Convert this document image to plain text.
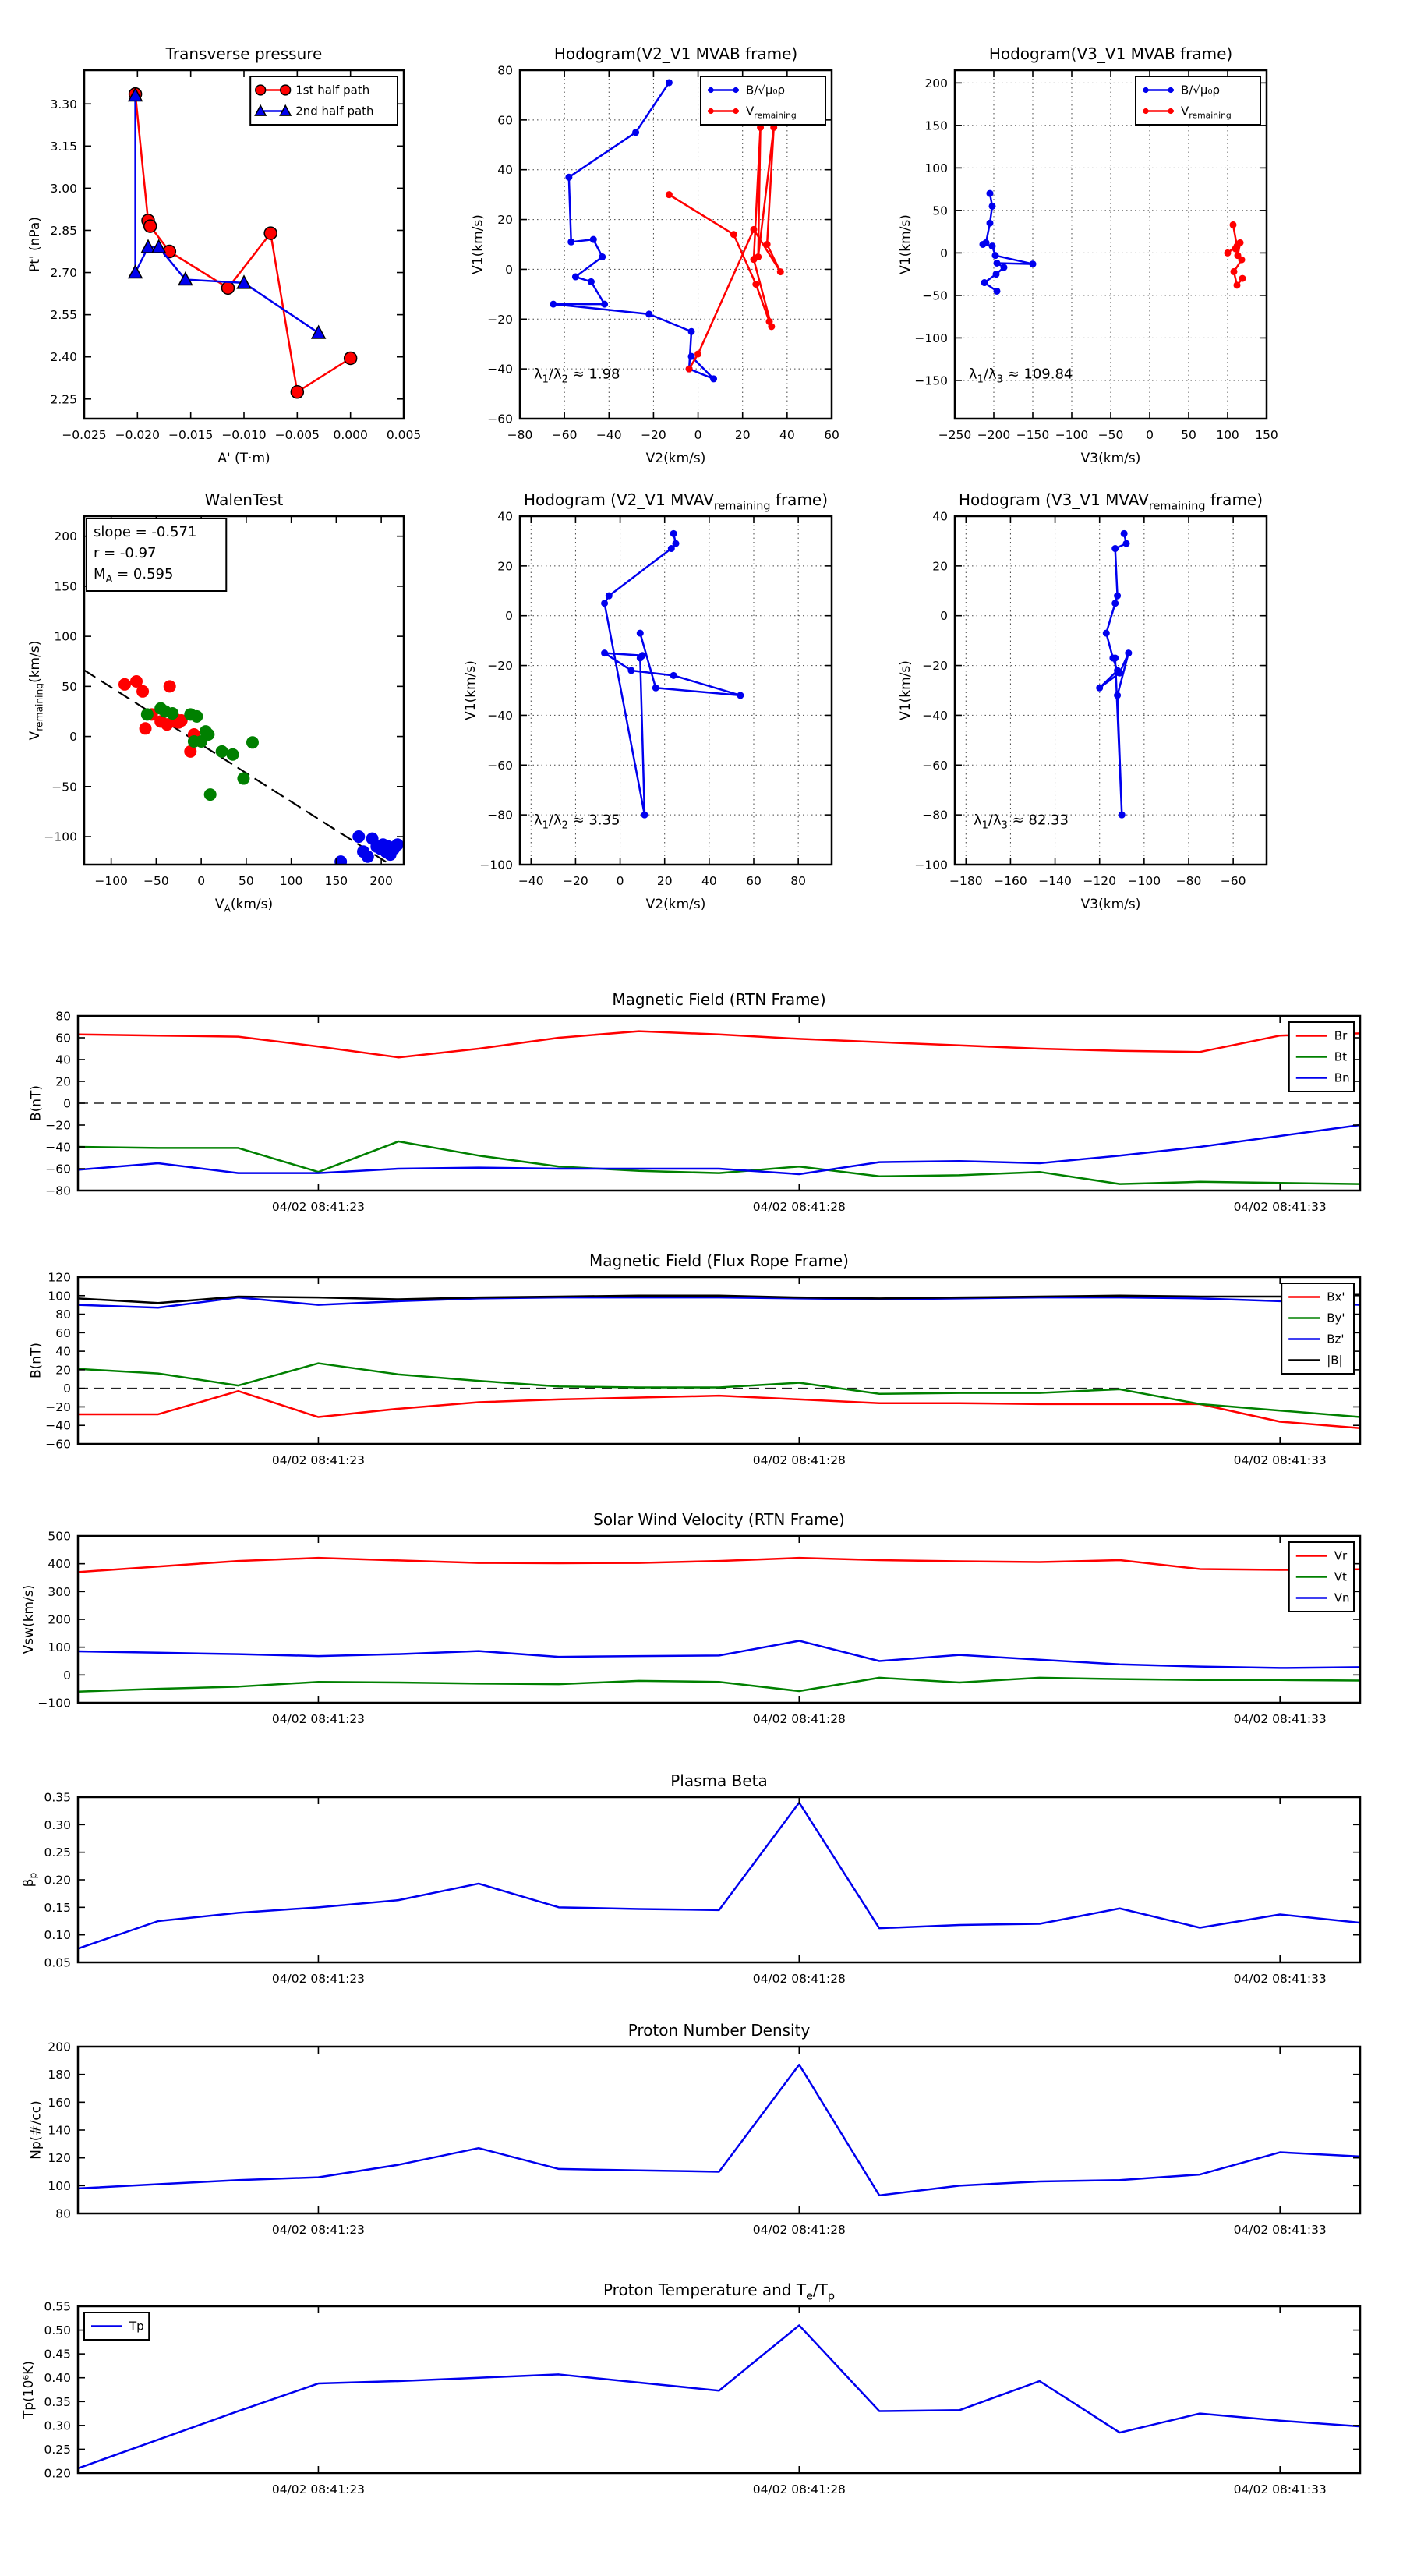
−0.025 −0.020 −0.015 −0.010 −0.005 0.000 0.005
2.25
2.40
2.55
2.70
2.85
3.00
3.15
3.30
Transverse pressure
A' (T·m)
Pt' (nPa)
1st half path
2nd half path
−80 −60 −40 −20 0	20 40 60
−60
−40
−20
0
20
40
60
80
Hodogram(V2_V1 MVAB frame)
V2(km/s)
V1(km/s)
$\lambda_1/\lambda_2 \approx 1.98$
B/√μ₀ρ
$V_{remaining}$
−250 −200 −150 −100 −50 0 50 100 150
−150
−100
−50
0
50
100
150
200
Hodogram(V3_V1 MVAB frame)
V3(km/s)
V1(km/s)
$\lambda_1/\lambda_3 \approx 109.84$
B/√μ₀ρ
$V_{remaining}$
−100 −50 0	50 100 150 200
−100
−50
0
50
100
150
200
WalenTest
$V_A(km/s)$
$V_{remaining}(km/s)$
slope = -0.571
r = -0.97
$M_A = 0.595$
−40 −20 0	20 40 60 80
−100
−80
−60
−40
−20
0
20
40
Hodogram (V2_V1 $MVAV_{remaining}$ frame)
V2(km/s)
V1(km/s)
$\lambda_1/\lambda_2 \approx 3.35$
−180 −160 −140 −120 −100 −80 −60
−100
−80
−60
−40
−20
0
20
40
Hodogram (V3_V1 $MVAV_{remaining}$ frame)
V3(km/s)
V1(km/s)
$\lambda_1/\lambda_3 \approx 82.33$
04/02 08:41:23	04/02 08:41:28	04/02 08:41:33
−80
−60
−40
−20
0
20
40
60
80
Magnetic Field (RTN Frame)
B(nT)
Br
Bt
Bn
04/02 08:41:23	04/02 08:41:28	04/02 08:41:33
−60
−40
−20
0
20
40
60
80
100
120
Magnetic Field (Flux Rope Frame)
B(nT)
Bx'
By'
Bz'
|B|
04/02 08:41:23	04/02 08:41:28	04/02 08:41:33
−100
0
100
200
300
400
500
Solar Wind Velocity (RTN Frame)
Vsw(km/s)
Vr
Vt
Vn
04/02 08:41:23	04/02 08:41:28	04/02 08:41:33
0.05
0.10
0.15
0.20
0.25
0.30
0.35
Plasma Beta
$\beta_p$
04/02 08:41:23	04/02 08:41:28	04/02 08:41:33
80
100
120
140
160
180
200
Proton Number Density
Np(#/cc)
04/02 08:41:23	04/02 08:41:28	04/02 08:41:33
0.20
0.25
0.30
0.35
0.40
0.45
0.50
0.55
Proton Temperature and $T_e/T_p$
Tp(10⁶K)
Tp
